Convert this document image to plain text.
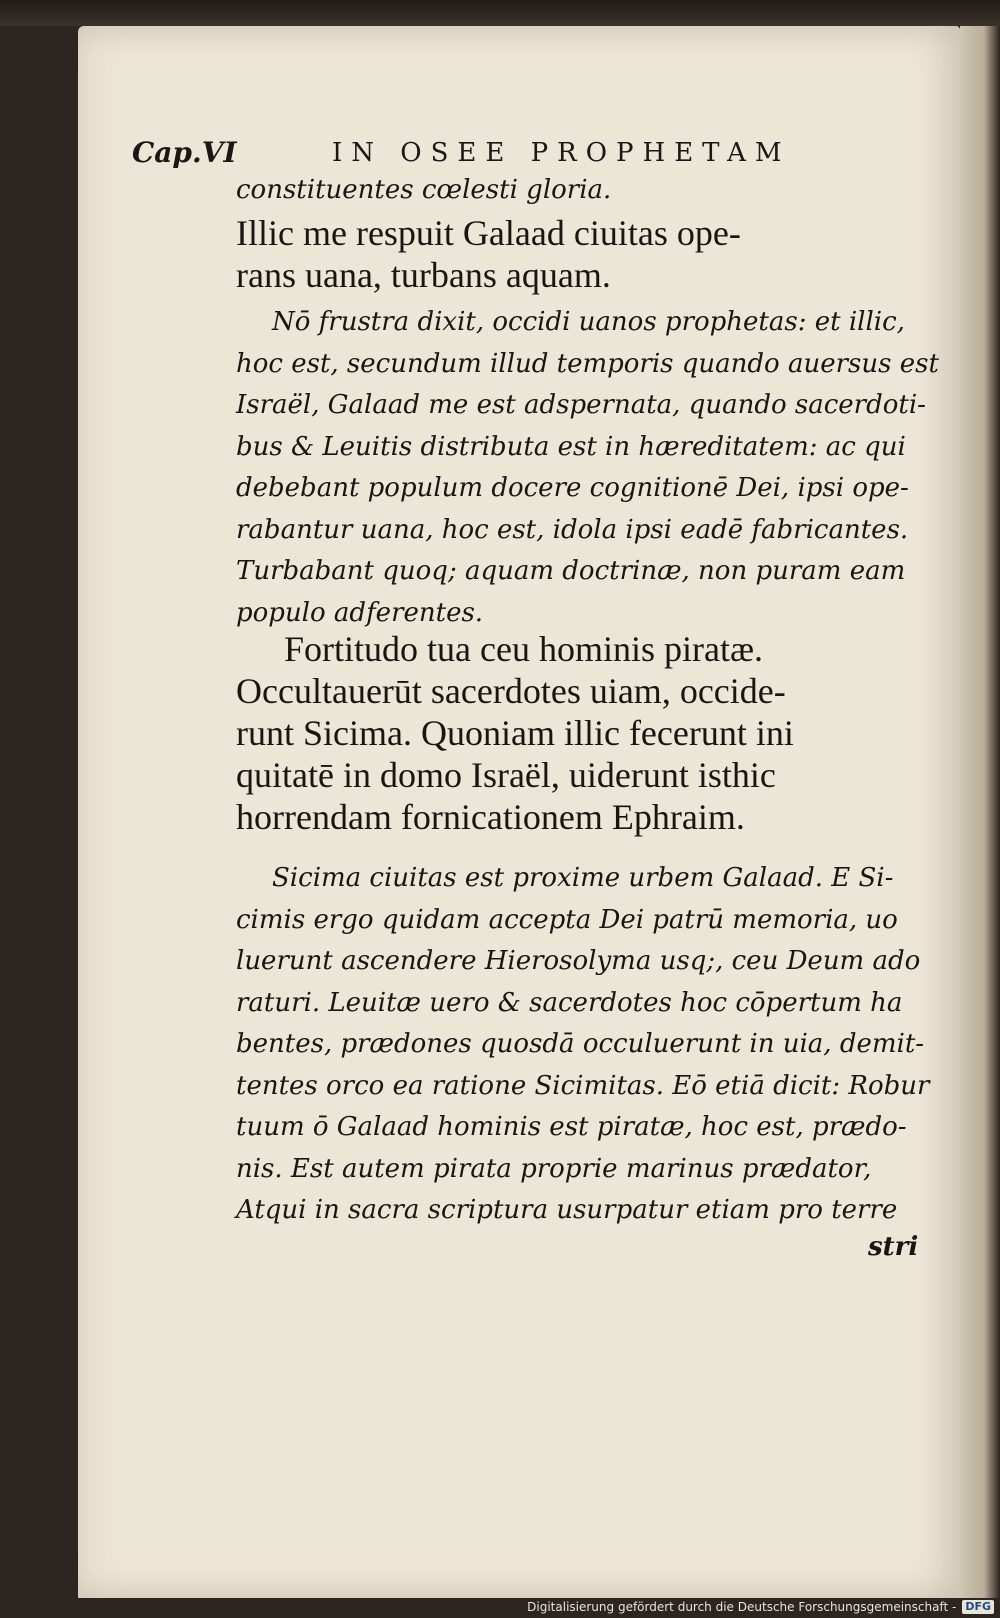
Cap.VI	IN OSEE PROPHETAM
constituentes cœlesti gloria.
Illic me respuit Galaad ciuitas ope-
rans uana, turbans aquam.
Nō frustra dixit, occidi uanos prophetas: et illic,
hoc est, secundum illud temporis quando auersus est
Israël, Galaad me est adspernata, quando sacerdoti-
bus & Leuitis distributa est in hæreditatem: ac qui
debebant populum docere cognitionē Dei, ipsi ope-
rabantur uana, hoc est, idola ipsi eadē fabricantes.
Turbabant quoq; aquam doctrinæ, non puram eam
populo adferentes.
Fortitudo tua ceu hominis piratæ.
Occultauerūt sacerdotes uiam, occide-
runt Sicima. Quoniam illic fecerunt ini
quitatē in domo Israël, uiderunt isthic
horrendam fornicationem Ephraim.
Sicima ciuitas est proxime urbem Galaad. E Si-
cimis ergo quidam accepta Dei patrū memoria, uo
luerunt ascendere Hierosolyma usq;, ceu Deum ado
raturi. Leuitæ uero & sacerdotes hoc cōpertum ha
bentes, prædones quosdā occuluerunt in uia, demit-
tentes orco ea ratione Sicimitas. Eō etiā dicit: Robur
tuum ō Galaad hominis est piratæ, hoc est, prædo-
nis. Est autem pirata proprie marinus prædator,
Atqui in sacra scriptura usurpatur etiam pro terre
stri
Digitalisierung gefördert durch die Deutsche Forschungsgemeinschaft - DFG
